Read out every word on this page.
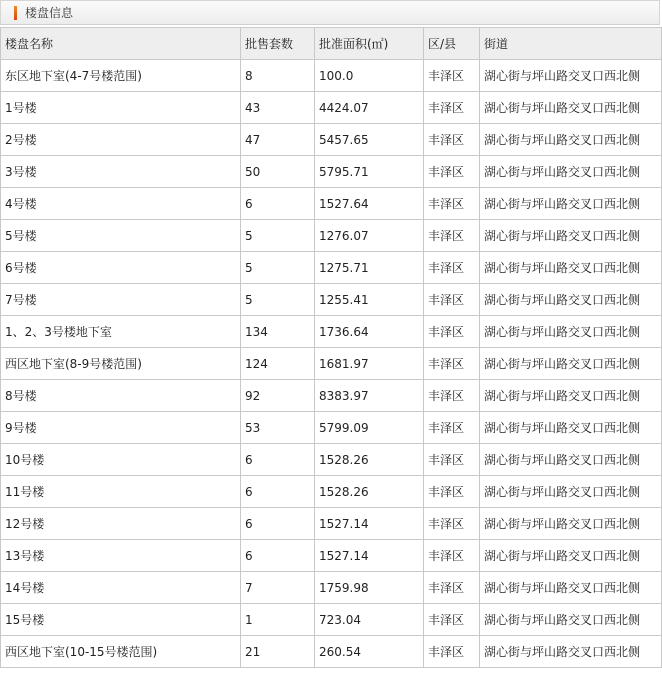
楼盘信息
楼盘名称	批售套数	批准面积(㎡)	区/县	街道
东区地下室(4-7号楼范围)	8	100.0	丰泽区	湖心街与坪山路交叉口西北侧
1号楼	43	4424.07	丰泽区	湖心街与坪山路交叉口西北侧
2号楼	47	5457.65	丰泽区	湖心街与坪山路交叉口西北侧
3号楼	50	5795.71	丰泽区	湖心街与坪山路交叉口西北侧
4号楼	6	1527.64	丰泽区	湖心街与坪山路交叉口西北侧
5号楼	5	1276.07	丰泽区	湖心街与坪山路交叉口西北侧
6号楼	5	1275.71	丰泽区	湖心街与坪山路交叉口西北侧
7号楼	5	1255.41	丰泽区	湖心街与坪山路交叉口西北侧
1、2、3号楼地下室	134	1736.64	丰泽区	湖心街与坪山路交叉口西北侧
西区地下室(8-9号楼范围)	124	1681.97	丰泽区	湖心街与坪山路交叉口西北侧
8号楼	92	8383.97	丰泽区	湖心街与坪山路交叉口西北侧
9号楼	53	5799.09	丰泽区	湖心街与坪山路交叉口西北侧
10号楼	6	1528.26	丰泽区	湖心街与坪山路交叉口西北侧
11号楼	6	1528.26	丰泽区	湖心街与坪山路交叉口西北侧
12号楼	6	1527.14	丰泽区	湖心街与坪山路交叉口西北侧
13号楼	6	1527.14	丰泽区	湖心街与坪山路交叉口西北侧
14号楼	7	1759.98	丰泽区	湖心街与坪山路交叉口西北侧
15号楼	1	723.04	丰泽区	湖心街与坪山路交叉口西北侧
西区地下室(10-15号楼范围)	21	260.54	丰泽区	湖心街与坪山路交叉口西北侧
